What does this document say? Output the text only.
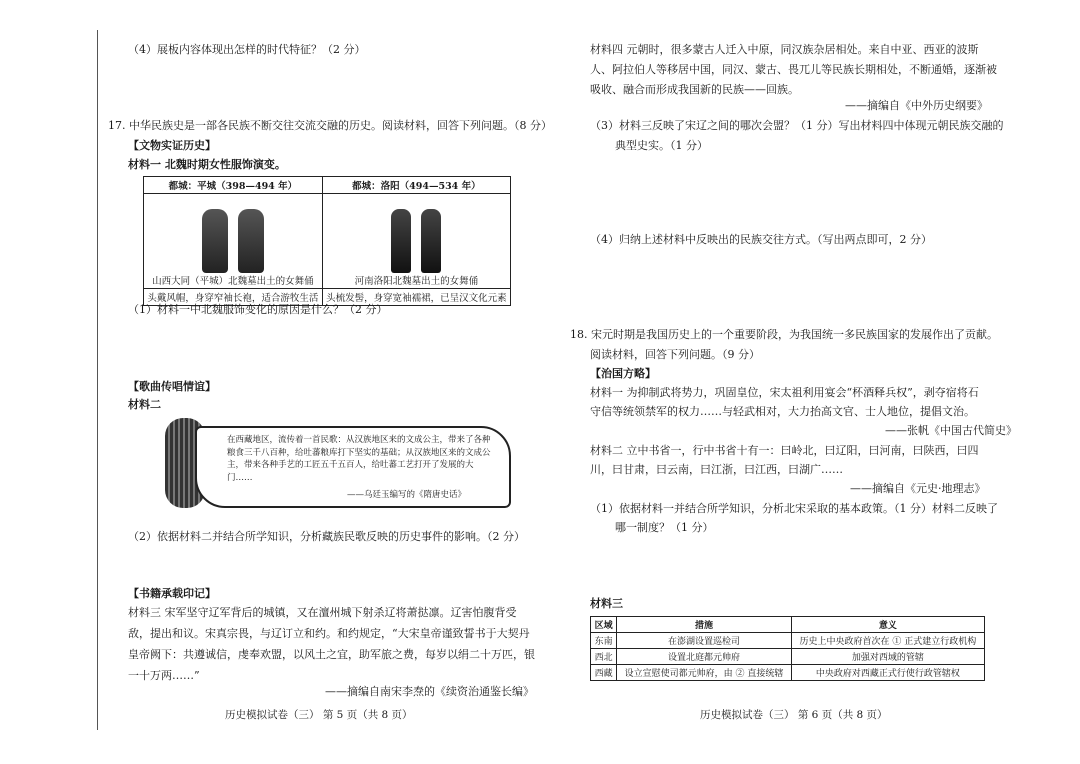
（4）展板内容体现出怎样的时代特征？（2 分）
17. 中华民族史是一部各民族不断交往交流交融的历史。阅读材料，回答下列问题。（8 分）
【文物实证历史】
材料一 北魏时期女性服饰演变。
都城：平城（398—494 年）	都城：洛阳（494—534 年）

山西大同（平城）北魏墓出土的女舞俑	河南洛阳北魏墓出土的女舞俑

头戴风帽，身穿窄袖长袍，适合游牧生活	头梳发髻，身穿宽袖襦裙，已呈汉文化元素
（1）材料一中北魏服饰变化的原因是什么？（2 分）
【歌曲传唱情谊】
材料二
在西藏地区，流传着一首民歌：从汉族地区来的文成公主，带来了各种粮食三千八百种，给吐蕃粮库打下坚实的基础；从汉族地区来的文成公主，带来各种手艺的工匠五千五百人，给吐蕃工艺打开了发展的大门……
——乌廷玉编写的《隋唐史话》
（2）依据材料二并结合所学知识，分析藏族民歌反映的历史事件的影响。（2 分）
【书籍承载印记】
材料三 宋军坚守辽军背后的城镇，又在澶州城下射杀辽将萧挞凛。辽害怕腹背受
敌，提出和议。宋真宗畏，与辽订立和约。和约规定，“大宋皇帝谨致誓书于大契丹
皇帝阙下：共遵诚信，虔奉欢盟，以风土之宜，助军旅之费，每岁以绢二十万匹，银
一十万两……”
——摘编自南宋李焘的《续资治通鉴长编》
历史模拟试卷（三） 第 5 页（共 8 页）
材料四 元朝时，很多蒙古人迁入中原，同汉族杂居相处。来自中亚、西亚的波斯
人、阿拉伯人等移居中国，同汉、蒙古、畏兀儿等民族长期相处，不断通婚，逐渐被
吸收、融合而形成我国新的民族——回族。
——摘编自《中外历史纲要》
（3）材料三反映了宋辽之间的哪次会盟？（1 分）写出材料四中体现元朝民族交融的
典型史实。（1 分）
（4）归纳上述材料中反映出的民族交往方式。（写出两点即可，2 分）
18. 宋元时期是我国历史上的一个重要阶段，为我国统一多民族国家的发展作出了贡献。
阅读材料，回答下列问题。（9 分）
【治国方略】
材料一 为抑制武将势力，巩固皇位，宋太祖利用宴会“杯酒释兵权”，剥夺宿将石
守信等统领禁军的权力……与轻武相对，大力抬高文官、士人地位，提倡文治。
——张帆《中国古代简史》
材料二 立中书省一，行中书省十有一：曰岭北，曰辽阳，曰河南，曰陕西，曰四
川，曰甘肃，曰云南，曰江浙，曰江西，曰湖广……
——摘编自《元史·地理志》
（1）依据材料一并结合所学知识，分析北宋采取的基本政策。（1 分）材料二反映了
哪一制度？（1 分）
材料三
区域	措施	意义
东南	在澎湖设置巡检司	历史上中央政府首次在 ① 正式建立行政机构
西北	设置北庭都元帅府	加强对西域的管辖
西藏	设立宣慰使司都元帅府，由 ② 直接统辖	中央政府对西藏正式行使行政管辖权
历史模拟试卷（三） 第 6 页（共 8 页）
